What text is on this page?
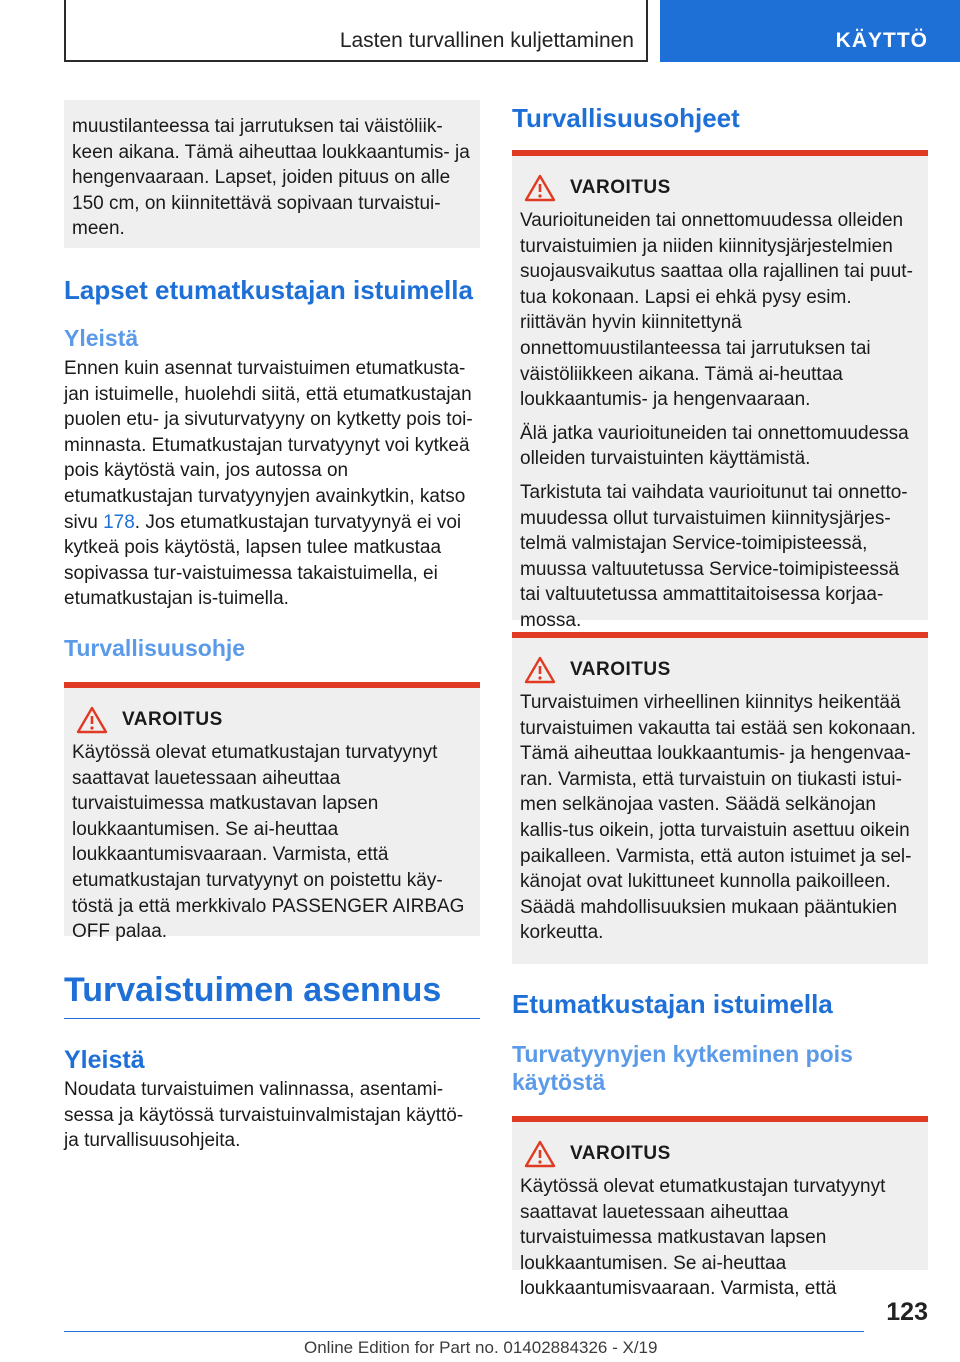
Lasten turvallinen kuljettaminen	KÄYTTÖ

muustilanteessa tai jarrutuksen tai väistöliik-keen aikana. Tämä aiheuttaa loukkaantumis- ja hengenvaaraan. Lapset, joiden pituus on alle 150 cm, on kiinnitettävä sopivaan turvaistui-meen.

Lapset etumatkustajan istuimella
Yleistä

Ennen kuin asennat turvaistuimen etumatkusta-jan istuimelle, huolehdi siitä, että etumatkustajan puolen etu- ja sivuturvatyyny on kytketty pois toi-minnasta. Etumatkustajan turvatyynyt voi kytkeä pois käytöstä vain, jos autossa on etumatkustajan turvatyynyjen avainkytkin, katso sivu 178. Jos etumatkustajan turvatyynyä ei voi kytkeä pois käytöstä, lapsen tulee matkustaa sopivassa tur-vaistuimessa takaistuimella, ei etumatkustajan is-tuimella.

Turvallisuusohje
VAROITUS

Käytössä olevat etumatkustajan turvatyynyt saattavat lauetessaan aiheuttaa turvaistuimessa matkustavan lapsen loukkaantumisen. Se ai-heuttaa loukkaantumisvaaraan. Varmista, että etumatkustajan turvatyynyt on poistettu käy-töstä ja että merkkivalo PASSENGER AIRBAG OFF palaa.

Turvaistuimen asennus
Yleistä

Noudata turvaistuimen valinnassa, asentami-sessa ja käytössä turvaistuinvalmistajan käyttö- ja turvallisuusohjeita.

Turvallisuusohjeet
VAROITUS

Vaurioituneiden tai onnettomuudessa olleiden turvaistuimien ja niiden kiinnitysjärjestelmien suojausvaikutus saattaa olla rajallinen tai puut-tua kokonaan. Lapsi ei ehkä pysy esim. riittävän hyvin kiinnitettynä onnettomuustilanteessa tai jarrutuksen tai väistöliikkeen aikana. Tämä ai-heuttaa loukkaantumis- ja hengenvaaraan.

Älä jatka vaurioituneiden tai onnettomuudessa olleiden turvaistuinten käyttämistä.

Tarkistuta tai vaihdata vaurioitunut tai onnetto-muudessa ollut turvaistuimen kiinnitysjärjes-telmä valmistajan Service-toimipisteessä, muussa valtuutetussa Service-toimipisteessä tai valtuutetussa ammattitaitoisessa korjaa-mossa.

VAROITUS

Turvaistuimen virheellinen kiinnitys heikentää turvaistuimen vakautta tai estää sen kokonaan. Tämä aiheuttaa loukkaantumis- ja hengenvaa-ran. Varmista, että turvaistuin on tiukasti istui-men selkänojaa vasten. Säädä selkänojan kallis-tus oikein, jotta turvaistuin asettuu oikein paikalleen. Varmista, että auton istuimet ja sel-känojat ovat lukittuneet kunnolla paikoilleen. Säädä mahdollisuuksien mukaan pääntukien korkeutta.

Etumatkustajan istuimella
Turvatyynyjen kytkeminen pois käytöstä
VAROITUS

Käytössä olevat etumatkustajan turvatyynyt saattavat lauetessaan aiheuttaa turvaistuimessa matkustavan lapsen loukkaantumisen. Se ai-heuttaa loukkaantumisvaaraan. Varmista, että

123
Online Edition for Part no. 01402884326 - X/19
